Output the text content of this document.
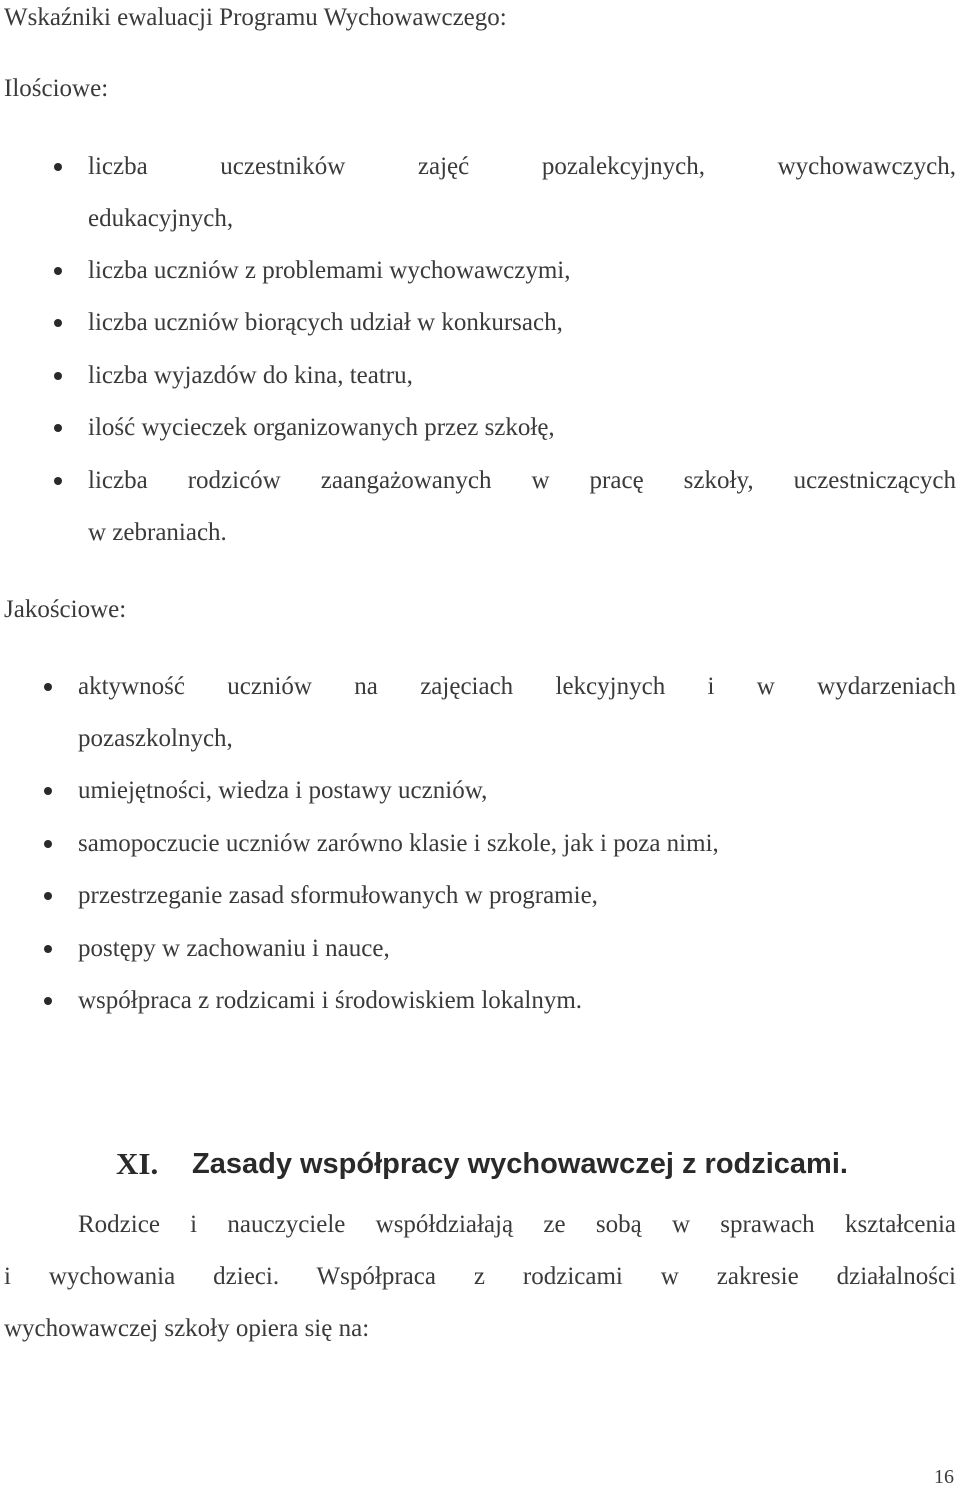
Wskaźniki ewaluacji Programu Wychowawczego:
Ilościowe:
liczba uczestników zajęć pozalekcyjnych, wychowawczych,
edukacyjnych,
liczba uczniów z problemami wychowawczymi,
liczba uczniów biorących udział w konkursach,
liczba wyjazdów do kina, teatru,
ilość wycieczek organizowanych przez szkołę,
liczba rodziców zaangażowanych w pracę szkoły, uczestniczących
w zebraniach.
Jakościowe:
aktywność uczniów na zajęciach lekcyjnych i w wydarzeniach
pozaszkolnych,
umiejętności, wiedza i postawy uczniów,
samopoczucie uczniów zarówno klasie i szkole, jak i poza nimi,
przestrzeganie zasad sformułowanych w programie,
postępy w zachowaniu i nauce,
współpraca z rodzicami i środowiskiem lokalnym.
XI. Zasady współpracy wychowawczej z rodzicami.
Rodzice i nauczyciele współdziałają ze sobą w sprawach kształcenia
i wychowania dzieci. Współpraca z rodzicami w zakresie działalności
wychowawczej szkoły opiera się na:
16
